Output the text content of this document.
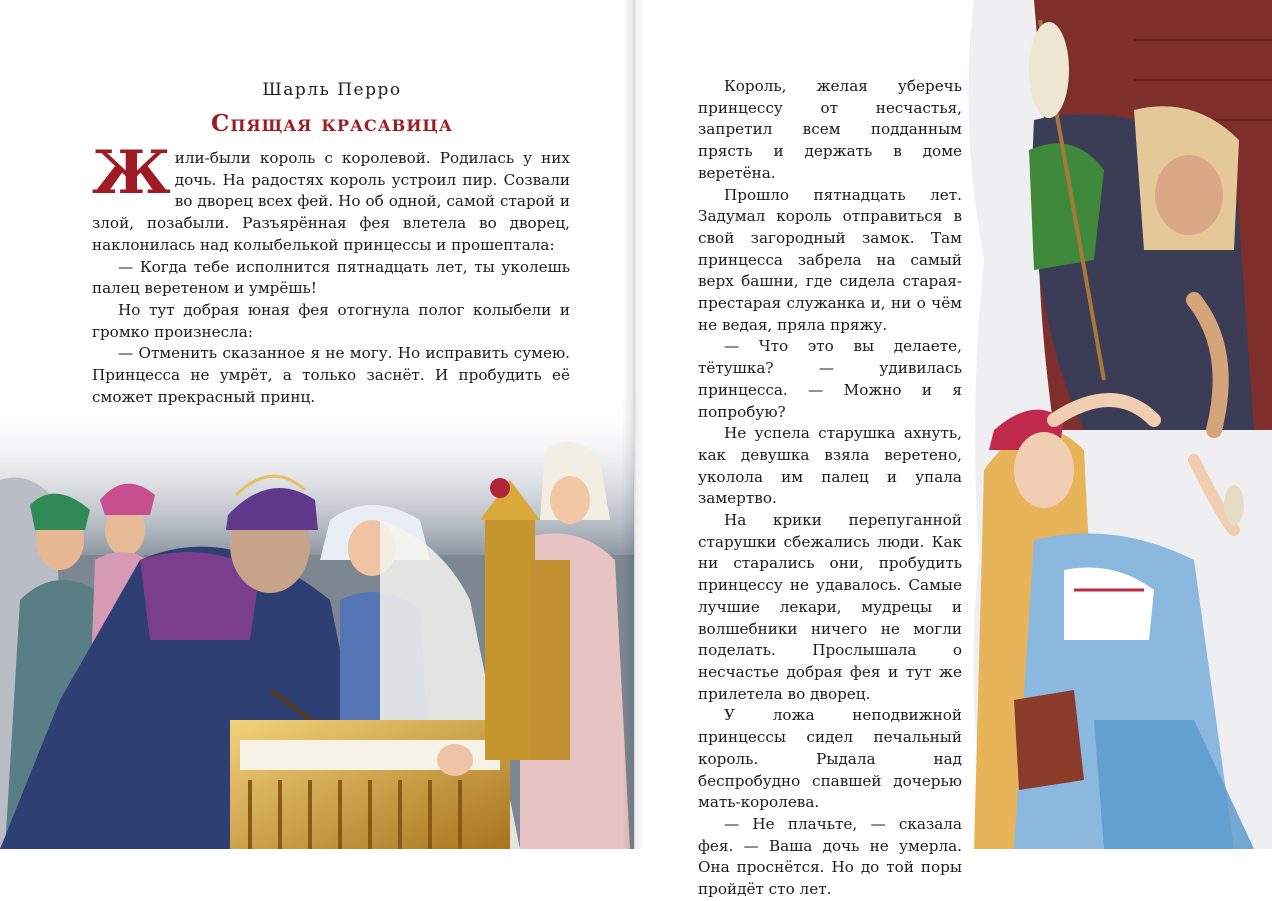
Шарль Перро
Спящая красавица

Жили-были король с королевой. Родилась у них дочь. На радостях король устроил пир. Созвали во дворец всех фей. Но об одной, самой старой и злой, позабыли. Разъярённая фея влетела во дворец, наклонилась над колыбелькой принцессы и прошептала:

— Когда тебе исполнится пятнадцать лет, ты уколешь палец веретеном и умрёшь!

Но тут добрая юная фея отогнула полог колыбели и громко произнесла:

— Отменить сказанное я не могу. Но исправить сумею. Принцесса не умрёт, а только заснёт. И пробудить её сможет прекрасный принц.

Король, желая уберечь принцессу от несчастья, запретил всем подданным прясть и держать в доме веретёна.

Прошло пятнадцать лет. Задумал король отправиться в свой загородный замок. Там принцесса забрела на самый верх башни, где сидела старая-престарая служанка и, ни о чём не ведая, пряла пряжу.

— Что это вы делаете, тётушка? — удивилась принцесса. — Можно и я попробую?

Не успела старушка ахнуть, как девушка взяла веретено, уколола им палец и упала замертво.

На крики перепуганной старушки сбежались люди. Как ни старались они, пробудить принцессу не удавалось. Самые лучшие лекари, мудрецы и волшебники ничего не могли поделать. Прослышала о несчастье добрая фея и тут же прилетела во дворец.

У ложа неподвижной принцессы сидел печальный король. Рыдала над беспробудно спавшей дочерью мать-королева.

— Не плачьте, — сказала фея. — Ваша дочь не умерла. Она проснётся. Но до той поры пройдёт сто лет.
